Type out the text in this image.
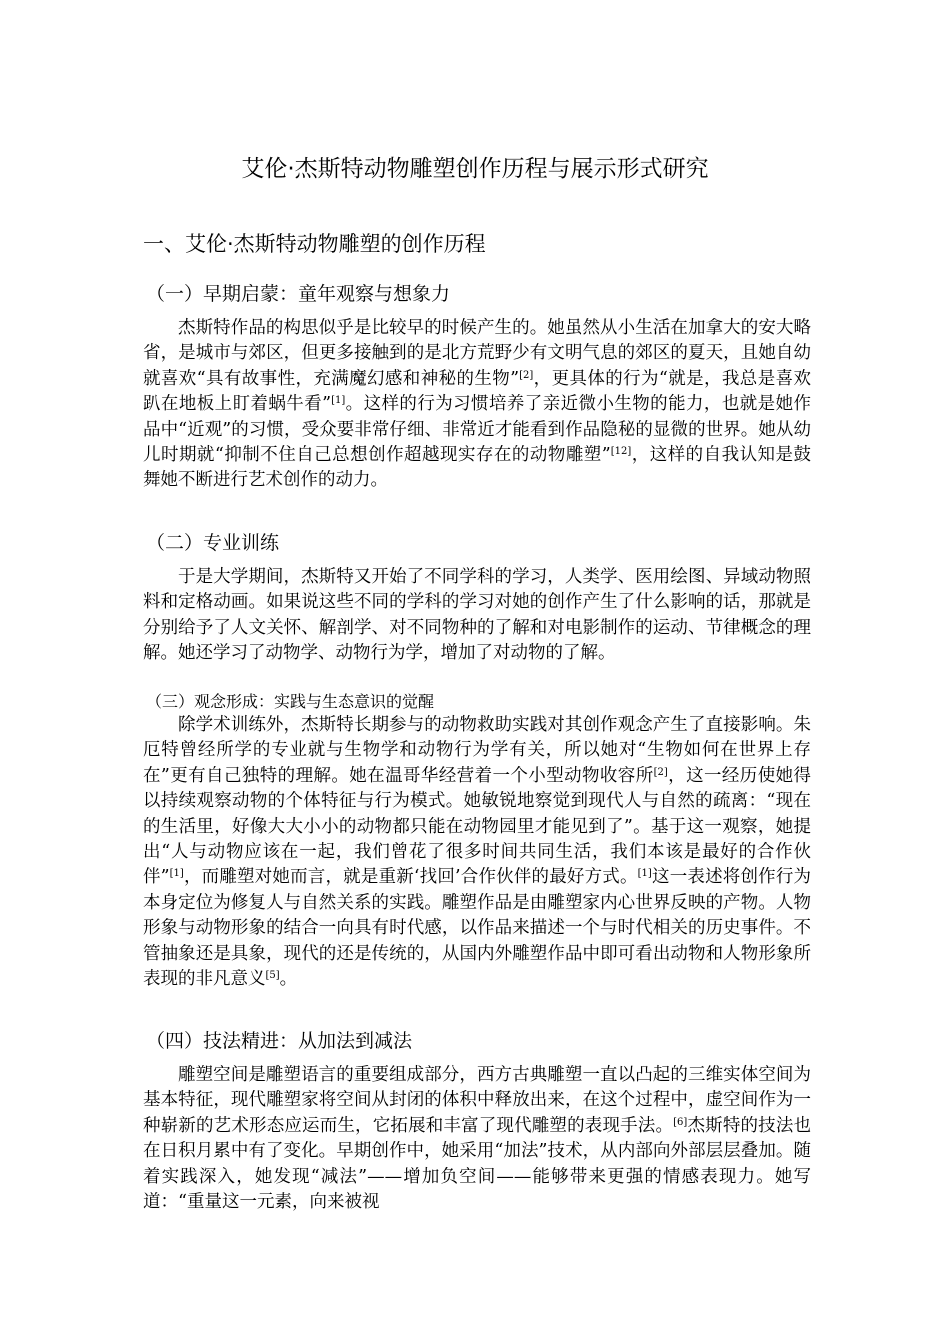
艾伦·杰斯特动物雕塑创作历程与展示形式研究
一、艾伦·杰斯特动物雕塑的创作历程
（一）早期启蒙：童年观察与想象力

杰斯特作品的构思似乎是比较早的时候产生的。她虽然从小生活在加拿大的安大略省，是城市与郊区，但更多接触到的是北方荒野少有文明气息的郊区的夏天，且她自幼就喜欢“具有故事性，充满魔幻感和神秘的生物”[2]，更具体的行为“就是，我总是喜欢趴在地板上盯着蜗牛看”[1]。这样的行为习惯培养了亲近微小生物的能力，也就是她作品中“近观”的习惯，受众要非常仔细、非常近才能看到作品隐秘的显微的世界。她从幼儿时期就“抑制不住自己总想创作超越现实存在的动物雕塑”[12]，这样的自我认知是鼓舞她不断进行艺术创作的动力。

（二）专业训练

于是大学期间，杰斯特又开始了不同学科的学习，人类学、医用绘图、异域动物照料和定格动画。如果说这些不同的学科的学习对她的创作产生了什么影响的话，那就是分别给予了人文关怀、解剖学、对不同物种的了解和对电影制作的运动、节律概念的理解。她还学习了动物学、动物行为学，增加了对动物的了解。

（三）观念形成：实践与生态意识的觉醒

除学术训练外，杰斯特长期参与的动物救助实践对其创作观念产生了直接影响。朱厄特曾经所学的专业就与生物学和动物行为学有关，所以她对“生物如何在世界上存在”更有自己独特的理解。她在温哥华经营着一个小型动物收容所[2]，这一经历使她得以持续观察动物的个体特征与行为模式。她敏锐地察觉到现代人与自然的疏离：“现在的生活里，好像大大小小的动物都只能在动物园里才能见到了”。基于这一观察，她提出“人与动物应该在一起，我们曾花了很多时间共同生活，我们本该是最好的合作伙伴”[1]，而雕塑对她而言，就是重新‘找回’合作伙伴的最好方式。[1]这一表述将创作行为本身定位为修复人与自然关系的实践。雕塑作品是由雕塑家内心世界反映的产物。人物形象与动物形象的结合一向具有时代感，以作品来描述一个与时代相关的历史事件。不管抽象还是具象，现代的还是传统的，从国内外雕塑作品中即可看出动物和人物形象所表现的非凡意义[5]。

（四）技法精进：从加法到减法

雕塑空间是雕塑语言的重要组成部分，西方古典雕塑一直以凸起的三维实体空间为基本特征，现代雕塑家将空间从封闭的体积中释放出来，在这个过程中，虚空间作为一种崭新的艺术形态应运而生，它拓展和丰富了现代雕塑的表现手法。[6]杰斯特的技法也在日积月累中有了变化。早期创作中，她采用“加法”技术，从内部向外部层层叠加。随着实践深入，她发现“减法”——增加负空间——能够带来更强的情感表现力。她写道：“重量这一元素，向来被视
